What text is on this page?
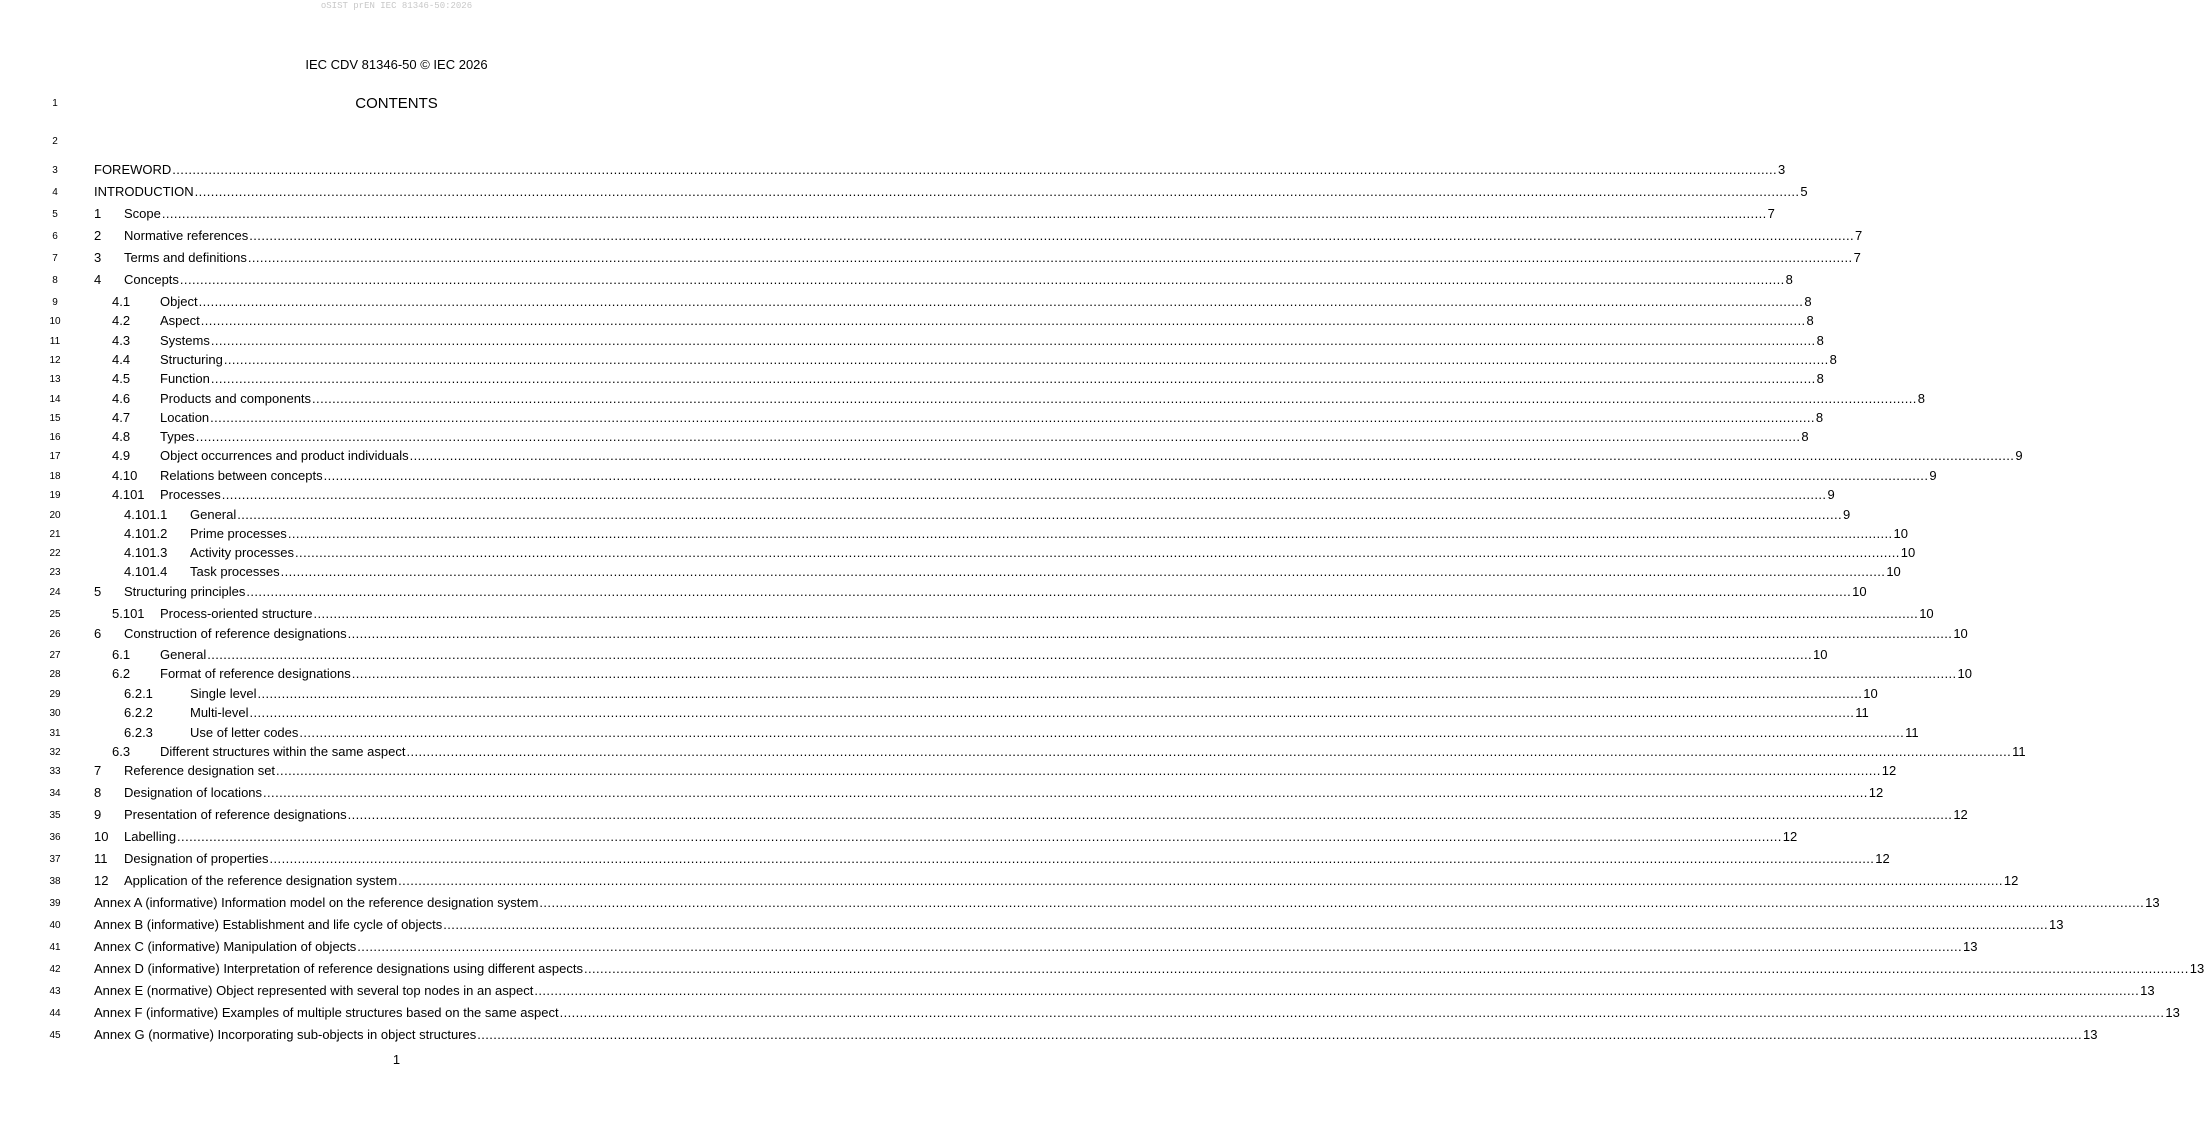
oSIST prEN IEC 81346-50:2026
IEC CDV 81346-50 © IEC 2026
1	CONTENTS
2
3	FOREWORD ................................................................................................................................................................................................................................................................................................................................................................................................................ 3
4	INTRODUCTION ................................................................................................................................................................................................................................................................................................................................................................................................................ 5
5	1	Scope ................................................................................................................................................................................................................................................................................................................................................................................................................ 7
6	2	Normative references ................................................................................................................................................................................................................................................................................................................................................................................................................ 7
7	3	Terms and definitions ................................................................................................................................................................................................................................................................................................................................................................................................................ 7
8	4	Concepts ................................................................................................................................................................................................................................................................................................................................................................................................................ 8
9	4.1	Object ................................................................................................................................................................................................................................................................................................................................................................................................................ 8
10	4.2	Aspect ................................................................................................................................................................................................................................................................................................................................................................................................................ 8
11	4.3	Systems ................................................................................................................................................................................................................................................................................................................................................................................................................ 8
12	4.4	Structuring ................................................................................................................................................................................................................................................................................................................................................................................................................ 8
13	4.5	Function ................................................................................................................................................................................................................................................................................................................................................................................................................ 8
14	4.6	Products and components ................................................................................................................................................................................................................................................................................................................................................................................................................ 8
15	4.7	Location ................................................................................................................................................................................................................................................................................................................................................................................................................ 8
16	4.8	Types ................................................................................................................................................................................................................................................................................................................................................................................................................ 8
17	4.9	Object occurrences and product individuals ................................................................................................................................................................................................................................................................................................................................................................................................................ 9
18	4.10	Relations between concepts ................................................................................................................................................................................................................................................................................................................................................................................................................ 9
19	4.101	Processes ................................................................................................................................................................................................................................................................................................................................................................................................................ 9
20	4.101.1	General ................................................................................................................................................................................................................................................................................................................................................................................................................ 9
21	4.101.2	Prime processes ................................................................................................................................................................................................................................................................................................................................................................................................................ 10
22	4.101.3	Activity processes ................................................................................................................................................................................................................................................................................................................................................................................................................ 10
23	4.101.4	Task processes ................................................................................................................................................................................................................................................................................................................................................................................................................ 10
24	5	Structuring principles ................................................................................................................................................................................................................................................................................................................................................................................................................ 10
25	5.101	Process-oriented structure ................................................................................................................................................................................................................................................................................................................................................................................................................ 10
26	6	Construction of reference designations ................................................................................................................................................................................................................................................................................................................................................................................................................ 10
27	6.1	General ................................................................................................................................................................................................................................................................................................................................................................................................................ 10
28	6.2	Format of reference designations ................................................................................................................................................................................................................................................................................................................................................................................................................ 10
29	6.2.1	Single level ................................................................................................................................................................................................................................................................................................................................................................................................................ 10
30	6.2.2	Multi-level ................................................................................................................................................................................................................................................................................................................................................................................................................ 11
31	6.2.3	Use of letter codes ................................................................................................................................................................................................................................................................................................................................................................................................................ 11
32	6.3	Different structures within the same aspect ................................................................................................................................................................................................................................................................................................................................................................................................................ 11
33	7	Reference designation set ................................................................................................................................................................................................................................................................................................................................................................................................................ 12
34	8	Designation of locations ................................................................................................................................................................................................................................................................................................................................................................................................................ 12
35	9	Presentation of reference designations ................................................................................................................................................................................................................................................................................................................................................................................................................ 12
36	10	Labelling ................................................................................................................................................................................................................................................................................................................................................................................................................ 12
37	11	Designation of properties ................................................................................................................................................................................................................................................................................................................................................................................................................ 12
38	12	Application of the reference designation system ................................................................................................................................................................................................................................................................................................................................................................................................................ 12
39	Annex A (informative) Information model on the reference designation system ................................................................................................................................................................................................................................................................................................................................................................................................................ 13
40	Annex B (informative) Establishment and life cycle of objects ................................................................................................................................................................................................................................................................................................................................................................................................................ 13
41	Annex C (informative) Manipulation of objects ................................................................................................................................................................................................................................................................................................................................................................................................................ 13
42	Annex D (informative) Interpretation of reference designations using different aspects ................................................................................................................................................................................................................................................................................................................................................................................................................ 13
43	Annex E (normative) Object represented with several top nodes in an aspect ................................................................................................................................................................................................................................................................................................................................................................................................................ 13
44	Annex F (informative) Examples of multiple structures based on the same aspect ................................................................................................................................................................................................................................................................................................................................................................................................................ 13
45	Annex G (normative) Incorporating sub-objects in object structures ................................................................................................................................................................................................................................................................................................................................................................................................................ 13
1
